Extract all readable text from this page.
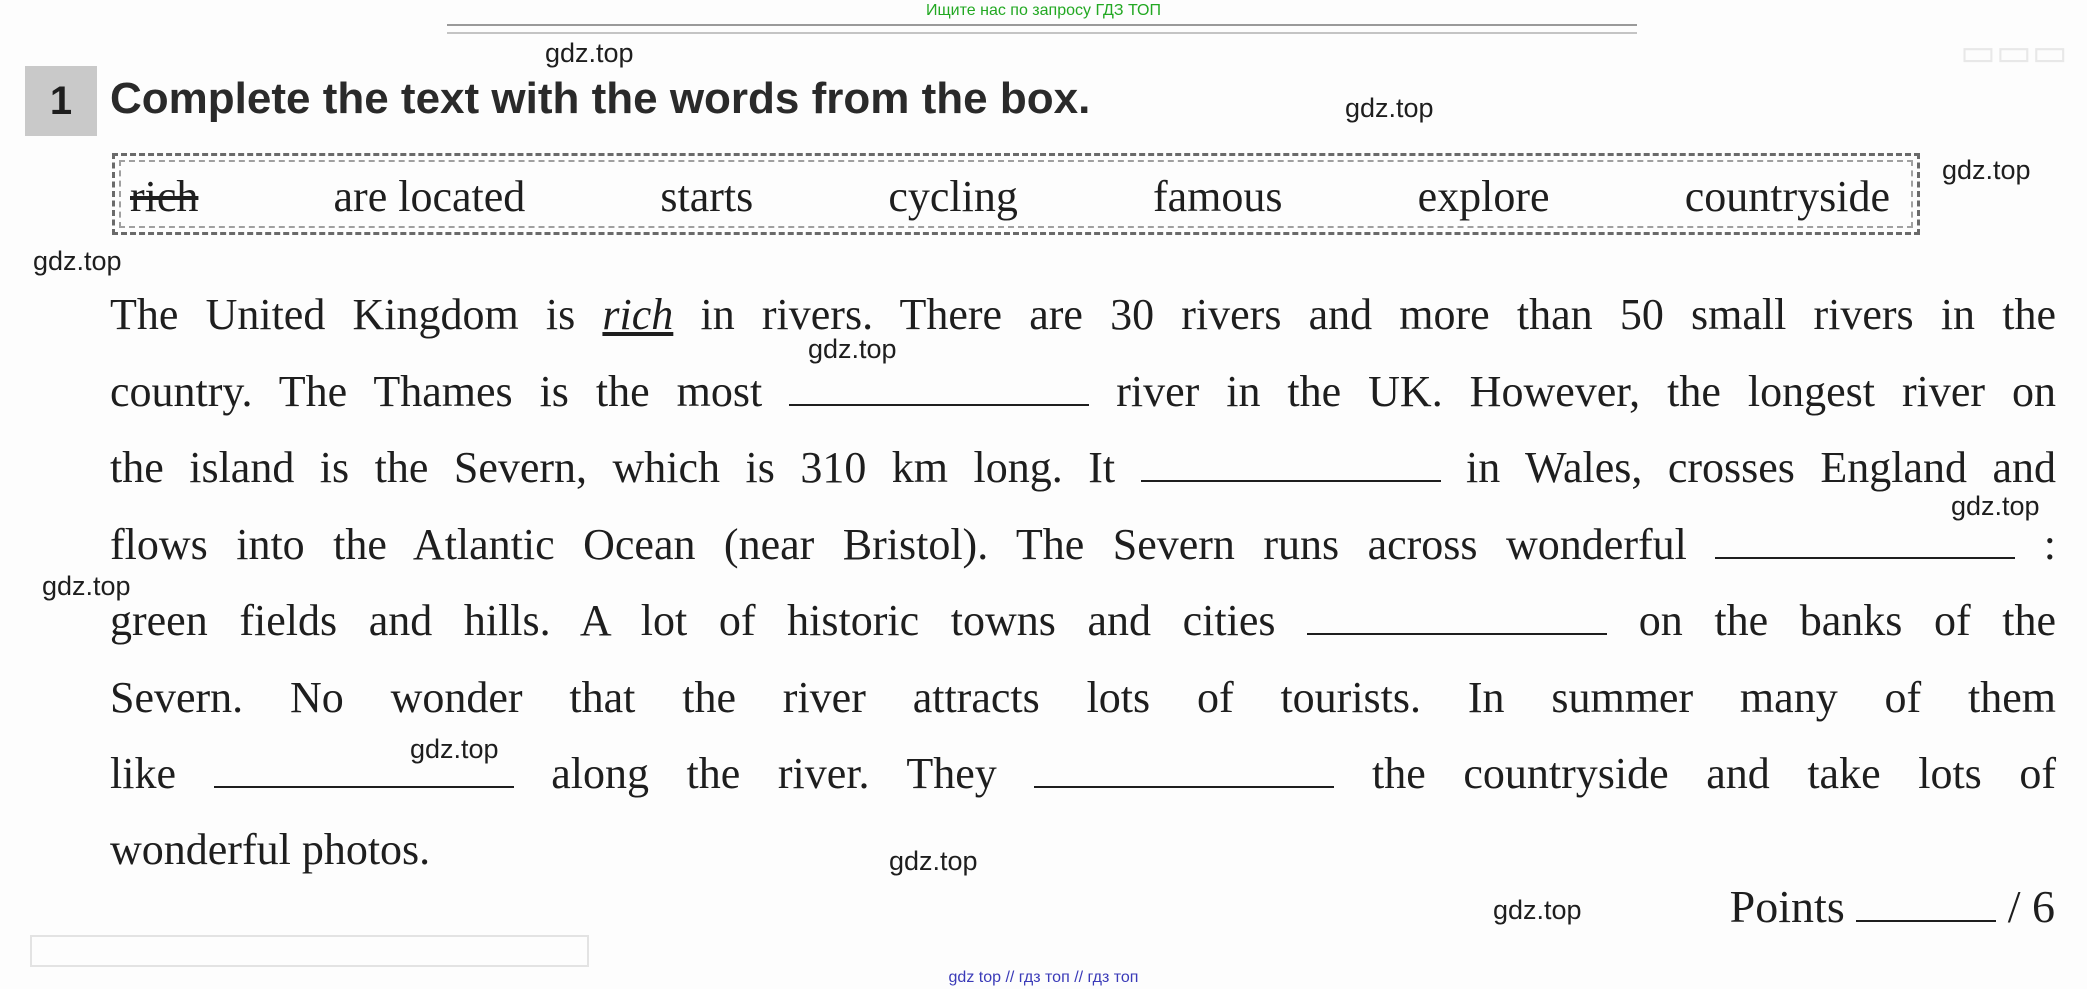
Ищите нас по запросу ГДЗ ТОП
▭▭▭
1 Complete the text with the words from the box.
rich	are located	starts	cycling	famous	explore	countryside
The United Kingdom is rich in rivers. There are 30 rivers and more than 50 small rivers in the
country. The Thames is the most	river in the UK. However, the longest river on
the island is the Severn, which is 310 km long. It	in Wales, crosses England and
flows into the Atlantic Ocean (near Bristol). The Severn runs across wonderful	:
green fields and hills. A lot of historic towns and cities	on the banks of the
Severn. No wonder that the river attracts lots of tourists. In summer many of them
like	along the river. They	the countryside and take lots of
wonderful photos.
Points	/ 6
gdz.top
gdz.top
gdz.top
gdz.top
gdz.top
gdz.top
gdz.top
gdz.top
gdz.top
gdz.top
gdz top // гдз топ // гдз топ
